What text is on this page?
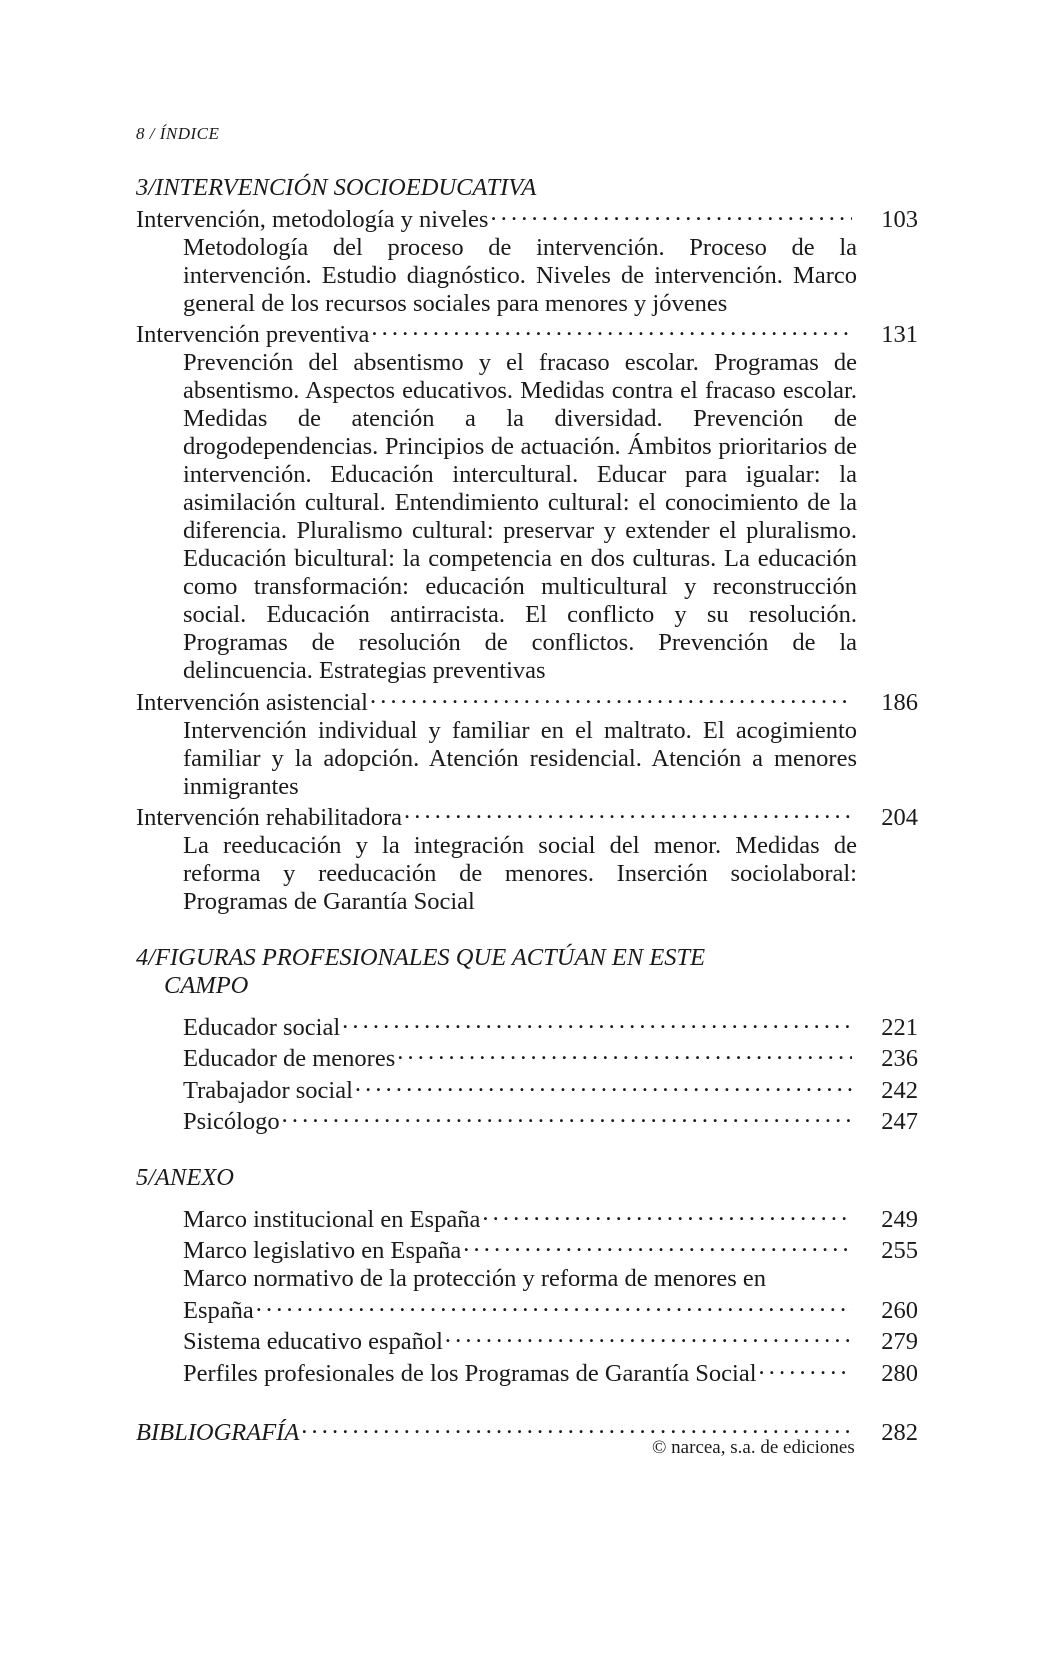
8 / ÍNDICE
3/INTERVENCIÓN SOCIOEDUCATIVA
Intervención, metodología y niveles . . .	103
Metodología del proceso de intervención. Proceso de la intervención. Estudio diagnóstico. Niveles de intervención. Marco general de los recursos sociales para menores y jóvenes
Intervención preventiva . . .	131
Prevención del absentismo y el fracaso escolar. Programas de absentismo. Aspectos educativos. Medidas contra el fracaso escolar. Medidas de atención a la diversidad. Prevención de drogodependencias. Principios de actuación. Ámbitos prioritarios de intervención. Educación intercultural. Educar para igualar: la asimilación cultural. Entendimiento cultural: el conocimiento de la diferencia. Pluralismo cultural: preservar y extender el pluralismo. Educación bicultural: la competencia en dos culturas. La educación como transformación: educación multicultural y reconstrucción social. Educación antirracista. El conflicto y su resolución. Programas de resolución de conflictos. Prevención de la delincuencia. Estrategias preventivas
Intervención asistencial . . .	186
Intervención individual y familiar en el maltrato. El acogimiento familiar y la adopción. Atención residencial. Atención a menores inmigrantes
Intervención rehabilitadora . . .	204
La reeducación y la integración social del menor. Medidas de reforma y reeducación de menores. Inserción sociolaboral: Programas de Garantía Social
4/FIGURAS PROFESIONALES QUE ACTÚAN EN ESTE
CAMPO
Educador social . . .	221
Educador de menores . . .	236
Trabajador social . . .	242
Psicólogo . . .	247
5/ANEXO
Marco institucional en España . . .	249
Marco legislativo en España . . .	255
Marco normativo de la protección y reforma de menores en
España . . .	260
Sistema educativo español . . .	279
Perfiles profesionales de los Programas de Garantía Social . . .	280
BIBLIOGRAFÍA . . .	282
© narcea, s.a. de ediciones
